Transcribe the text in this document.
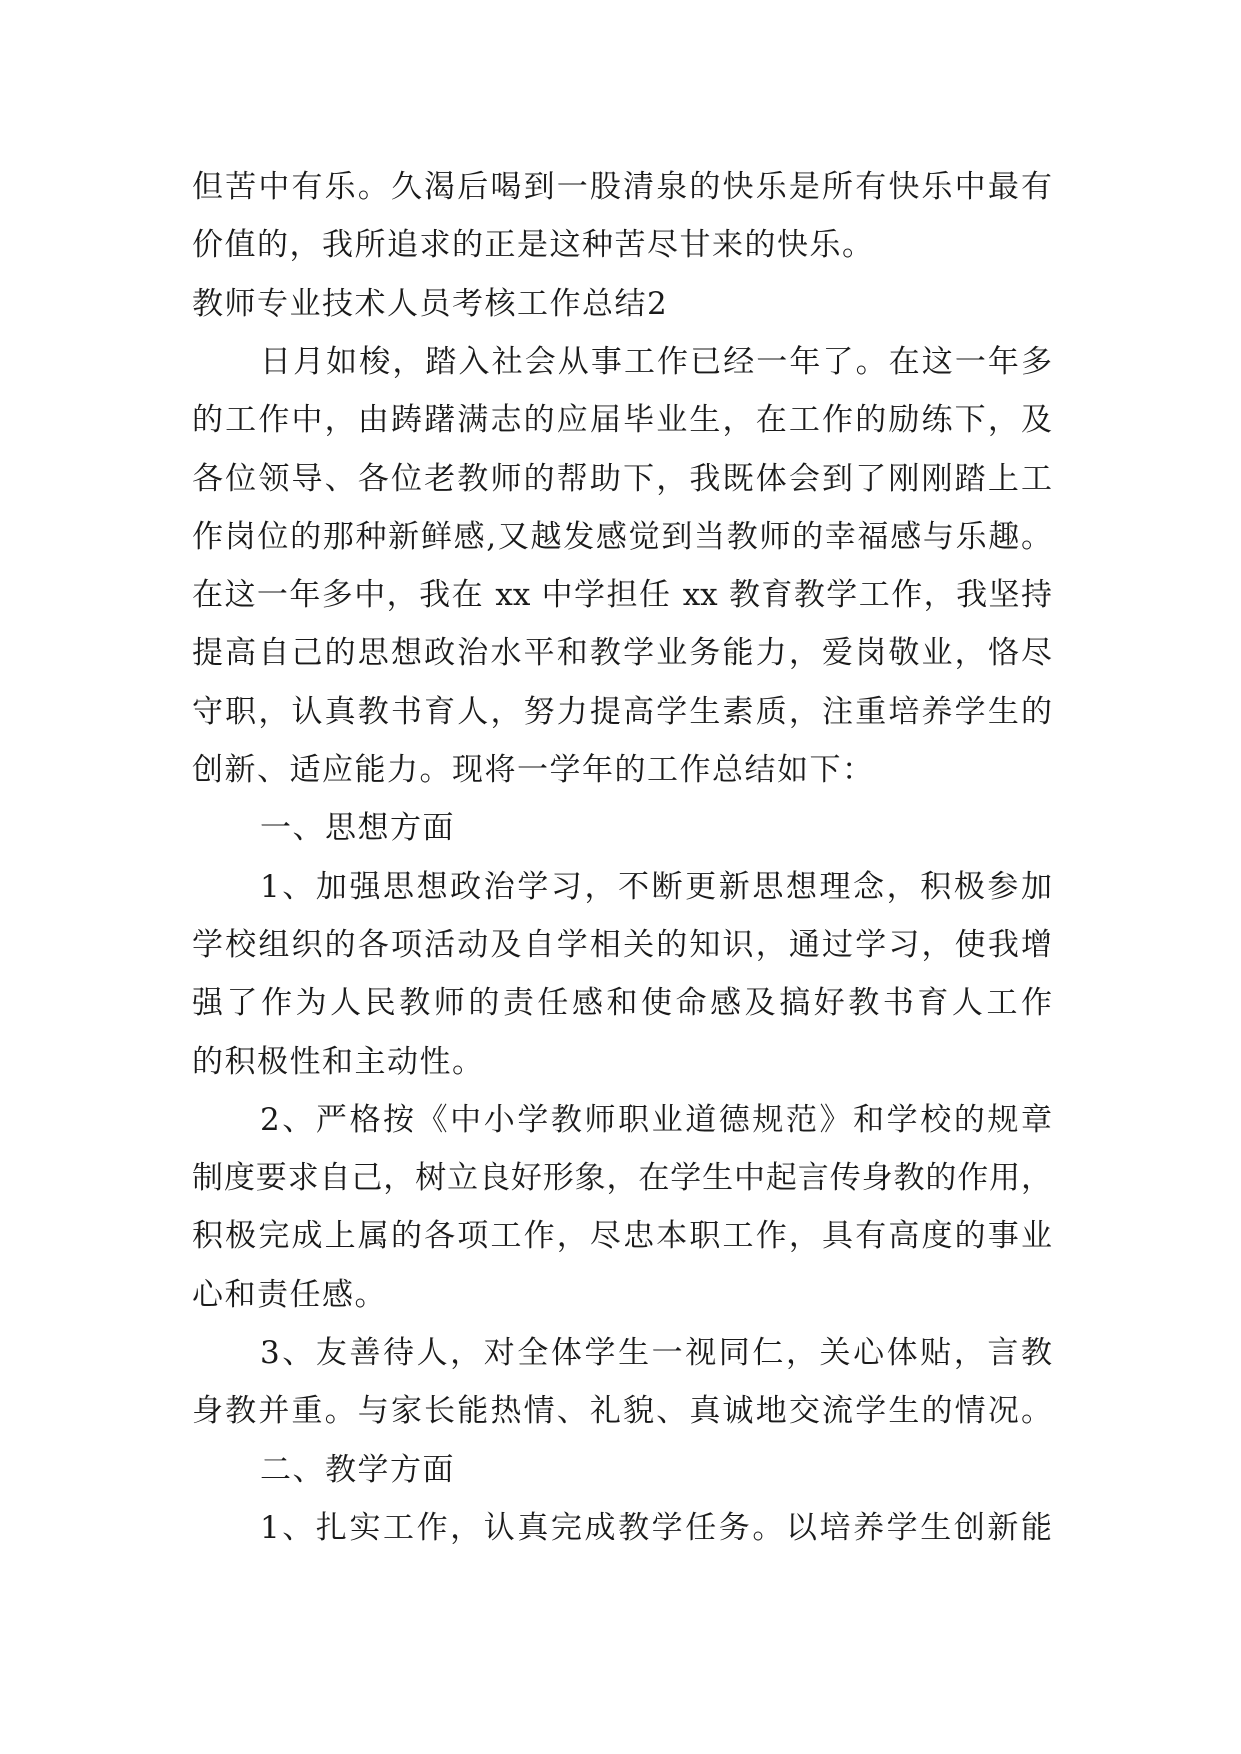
但苦中有乐。久渴后喝到一股清泉的快乐是所有快乐中最有
价值的，我所追求的正是这种苦尽甘来的快乐。
教师专业技术人员考核工作总结2
日月如梭，踏入社会从事工作已经一年了。在这一年多
的工作中，由踌躇满志的应届毕业生，在工作的励练下，及
各位领导、各位老教师的帮助下，我既体会到了刚刚踏上工
作岗位的那种新鲜感,又越发感觉到当教师的幸福感与乐趣。
在这一年多中，我在 xx 中学担任 xx 教育教学工作，我坚持
提高自己的思想政治水平和教学业务能力，爱岗敬业，恪尽
守职，认真教书育人，努力提高学生素质，注重培养学生的
创新、适应能力。现将一学年的工作总结如下：
一、思想方面
1、加强思想政治学习，不断更新思想理念，积极参加
学校组织的各项活动及自学相关的知识，通过学习，使我增
强了作为人民教师的责任感和使命感及搞好教书育人工作
的积极性和主动性。
2、严格按《中小学教师职业道德规范》和学校的规章
制度要求自己，树立良好形象，在学生中起言传身教的作用，
积极完成上属的各项工作，尽忠本职工作，具有高度的事业
心和责任感。
3、友善待人，对全体学生一视同仁，关心体贴，言教
身教并重。与家长能热情、礼貌、真诚地交流学生的情况。
二、教学方面
1、扎实工作，认真完成教学任务。以培养学生创新能
